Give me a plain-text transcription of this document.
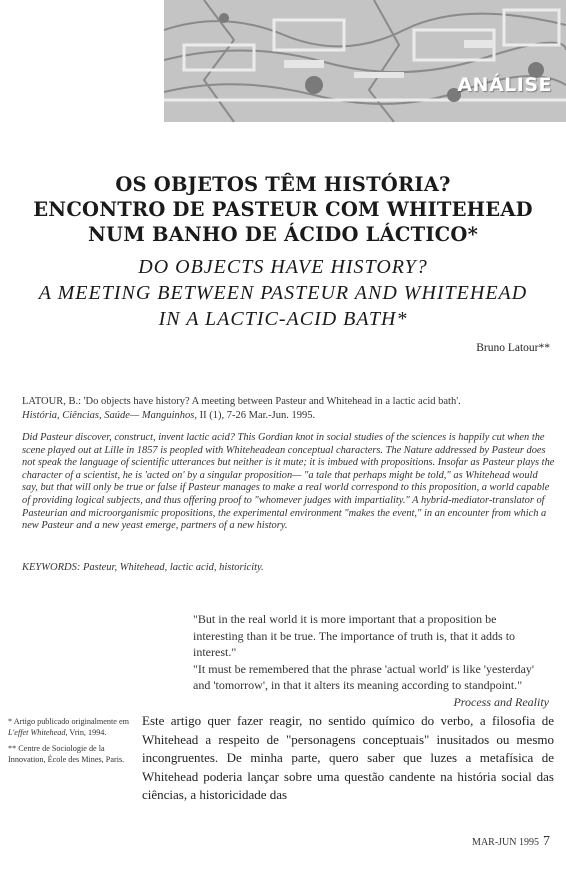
ANÁLISE
OS OBJETOS TÊM HISTÓRIA?
ENCONTRO DE PASTEUR COM WHITEHEAD
NUM BANHO DE ÁCIDO LÁCTICO*
DO OBJECTS HAVE HISTORY?
A MEETING BETWEEN PASTEUR AND WHITEHEAD
IN A LACTIC-ACID BATH*
Bruno Latour**
LATOUR, B.: 'Do objects have history? A meeting between Pasteur and Whitehead in a lactic acid bath'.
História, Ciências, Saúde— Manguinhos, II (1), 7-26 Mar.-Jun. 1995.
Did Pasteur discover, construct, invent lactic acid? This Gordian knot in social studies of the sciences is happily cut when the scene played out at Lille in 1857 is peopled with Whiteheadean conceptual characters. The Nature addressed by Pasteur does not speak the language of scientific utterances but neither is it mute; it is imbued with propositions. Insofar as Pasteur plays the character of a scientist, he is 'acted on' by a singular proposition— "a tale that perhaps might be told," as Whitehead would say, but that will only be true or false if Pasteur manages to make a real world correspond to this proposition, a world capable of providing logical subjects, and thus offering proof to "whomever judges with impartiality." A hybrid-mediator-translator of Pasteurian and microorganismic propositions, the experimental environment "makes the event," in an encounter from which a new Pasteur and a new yeast emerge, partners of a new history.
KEYWORDS: Pasteur, Whitehead, lactic acid, historicity.
"But in the real world it is more important that a proposition be interesting than it be true. The importance of truth is, that it adds to interest."
"It must be remembered that the phrase 'actual world' is like 'yesterday' and 'tomorrow', in that it alters its meaning according to standpoint."
Process and Reality

* Artigo publicado originalmente em L'effet Whitehead, Vrin, 1994.

** Centre de Sociologie de la Innovation, École des Mines, Paris.

Este artigo quer fazer reagir, no sentido químico do verbo, a filosofia de Whitehead a respeito de "personagens conceptuais" inusitados ou mesmo incongruentes. De minha parte, quero saber que luzes a metafísica de Whitehead poderia lançar sobre uma questão candente na história social das ciências, a historicidade das
MAR-JUN 1995 7
